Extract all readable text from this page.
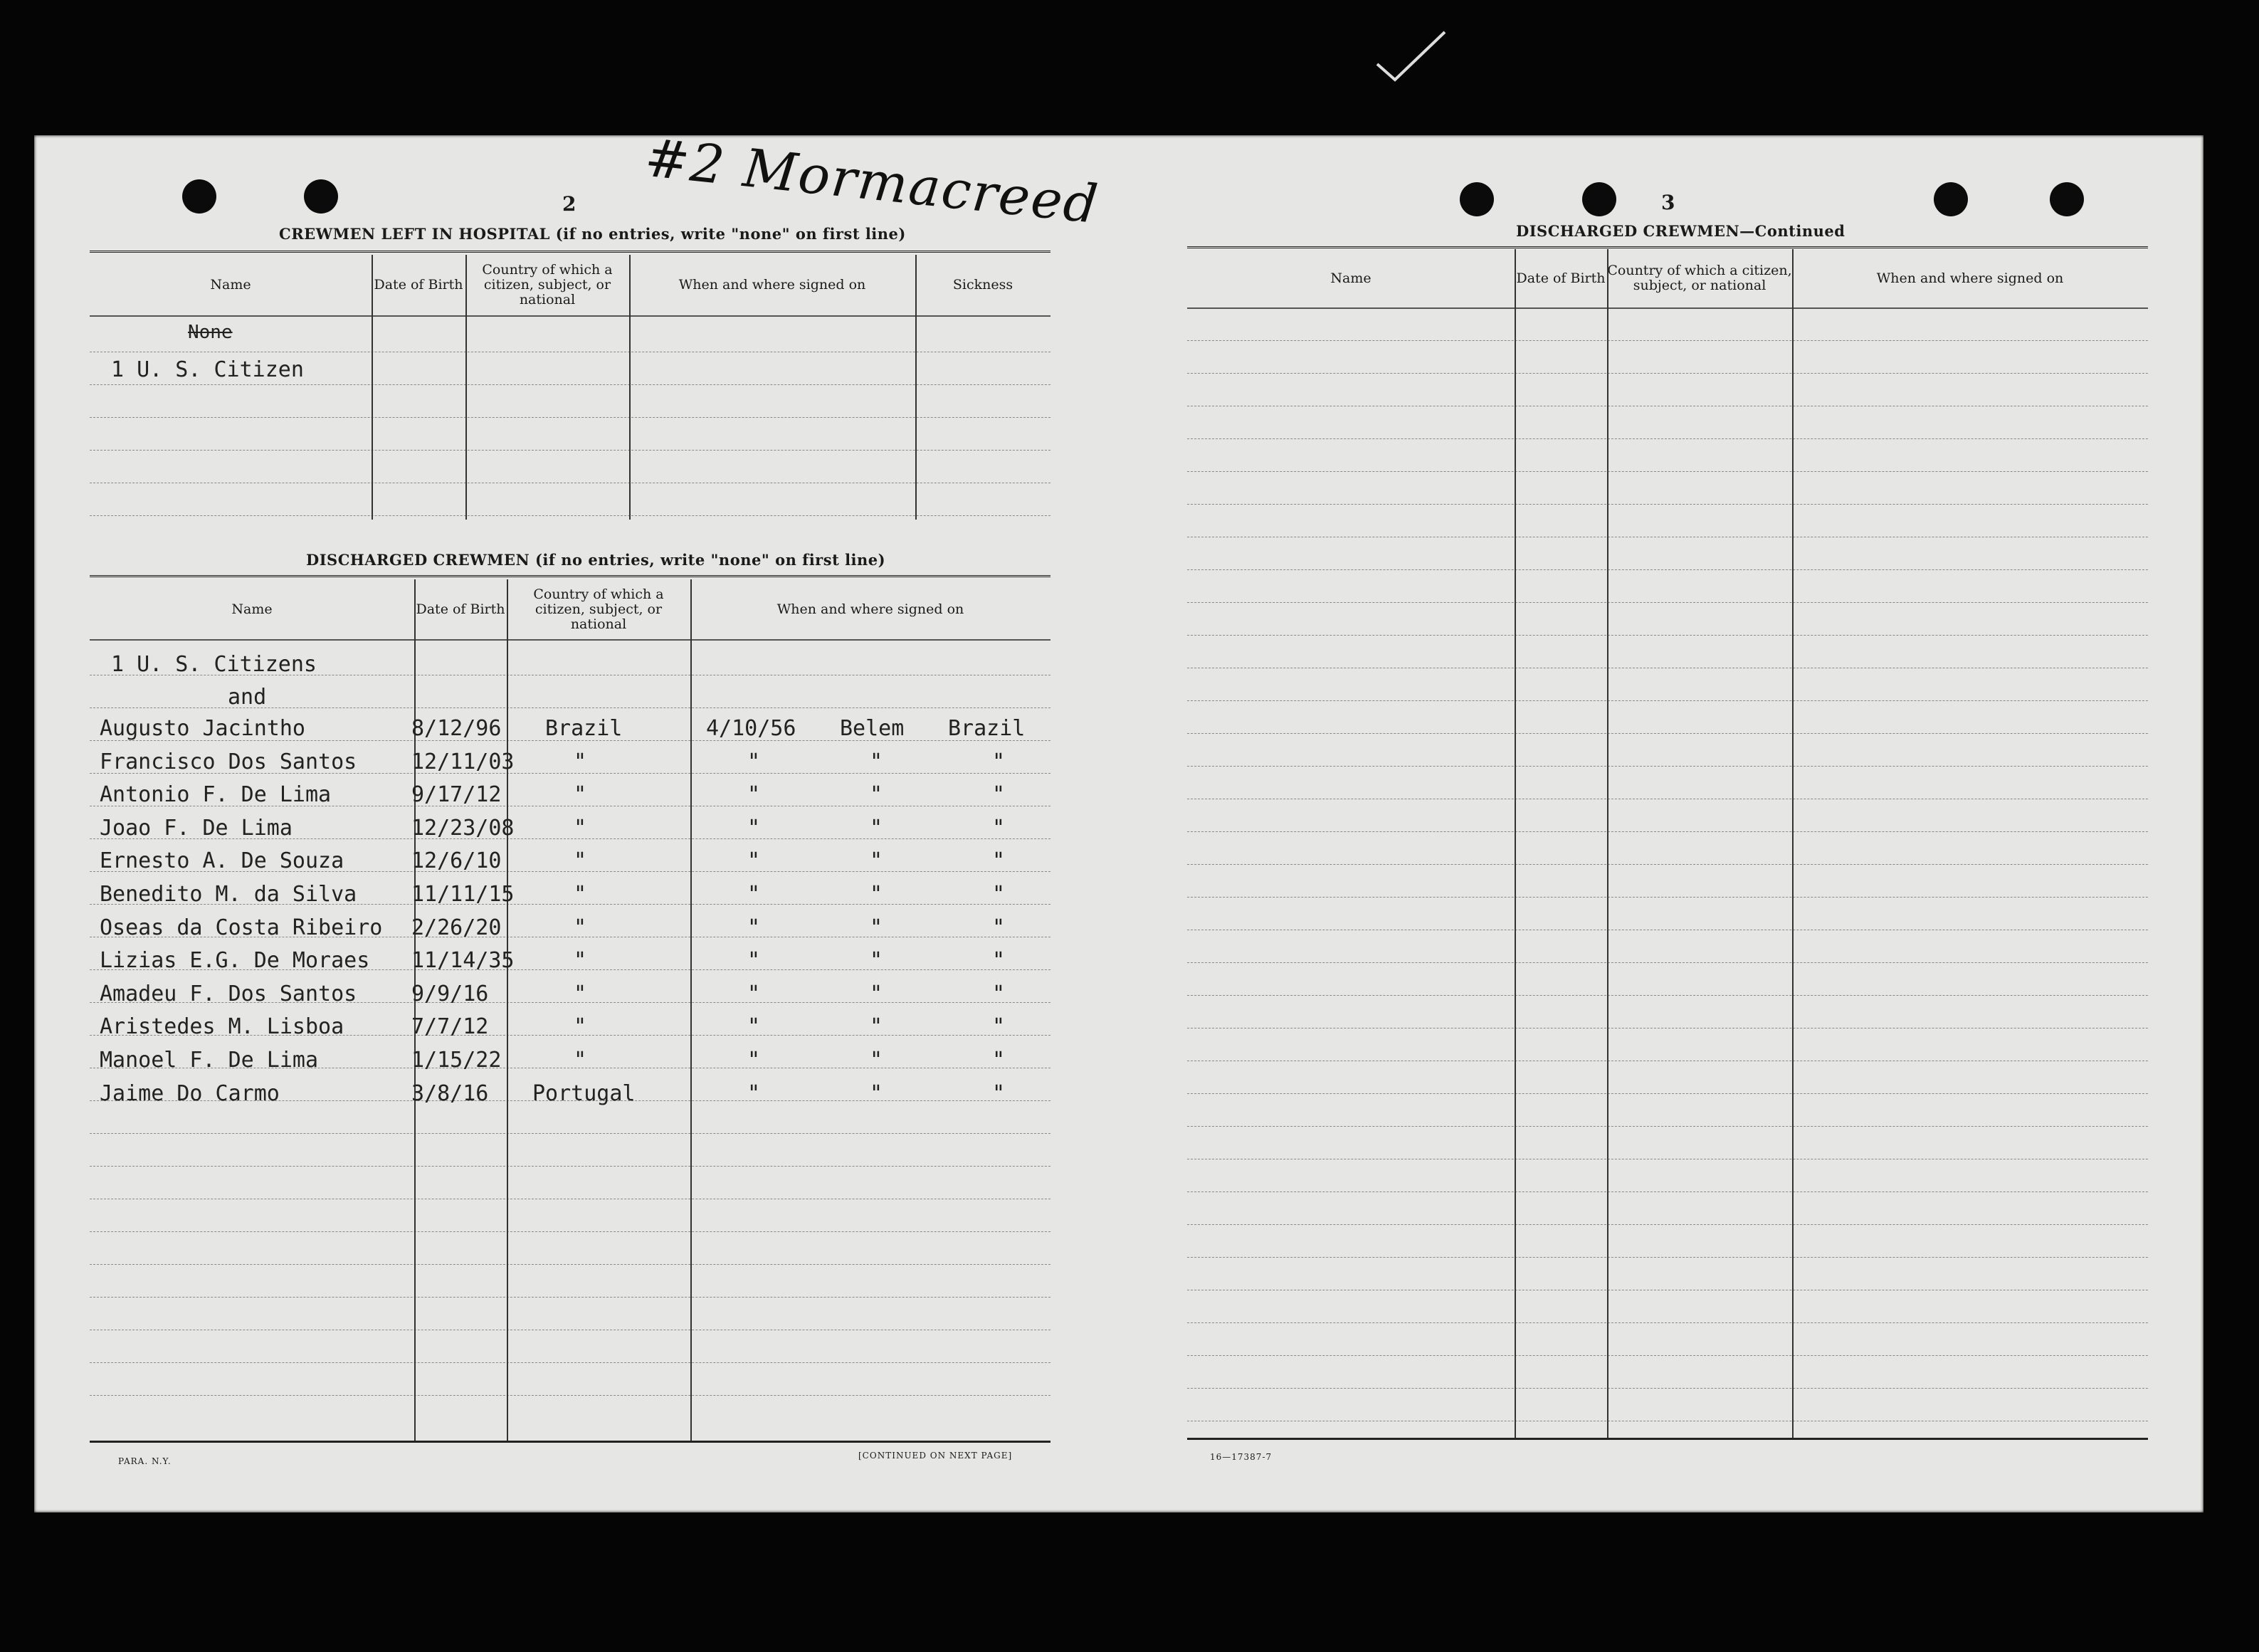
2 #2 Mormacreed
CREWMEN LEFT IN HOSPITAL (if no entries, write "none" on first line)
Name	Date of Birth
Country of which a citizen, subject, or national
When and where signed on	Sickness
None
1 U. S. Citizen
DISCHARGED CREWMEN (if no entries, write "none" on first line)
Name	Date of Birth
Country of which a citizen, subject, or national
When and where signed on
1 U. S. Citizens
and
Augusto Jacintho	8/12/96 Brazil	4/10/56 Belem Brazil
Francisco Dos Santos	12/11/03	"	"	"	"
Antonio F. De Lima	9/17/12	"	"	"	"
Joao F. De Lima	12/23/08	"	"	"	"
Ernesto A. De Souza	12/6/10	"	"	"	"
Benedito M. da Silva	11/11/15	"	"	"	"
Oseas da Costa Ribeiro 2/26/20	"	"	"	"
Lizias E.G. De Moraes 11/14/35	"	"	"	"
Amadeu F. Dos Santos	9/9/16	"	"	"	"
Aristedes M. Lisboa	7/7/12	"	"	"	"
Manoel F. De Lima	1/15/22	"	"	"	"
Jaime Do Carmo	3/8/16 Portugal	"	"	"
PARA. N.Y.
[CONTINUED ON NEXT PAGE]
3
DISCHARGED CREWMEN—Continued
Name	Date of Birth Country of which a citizen, subject, or national	When and where signed on
16—17387-7
